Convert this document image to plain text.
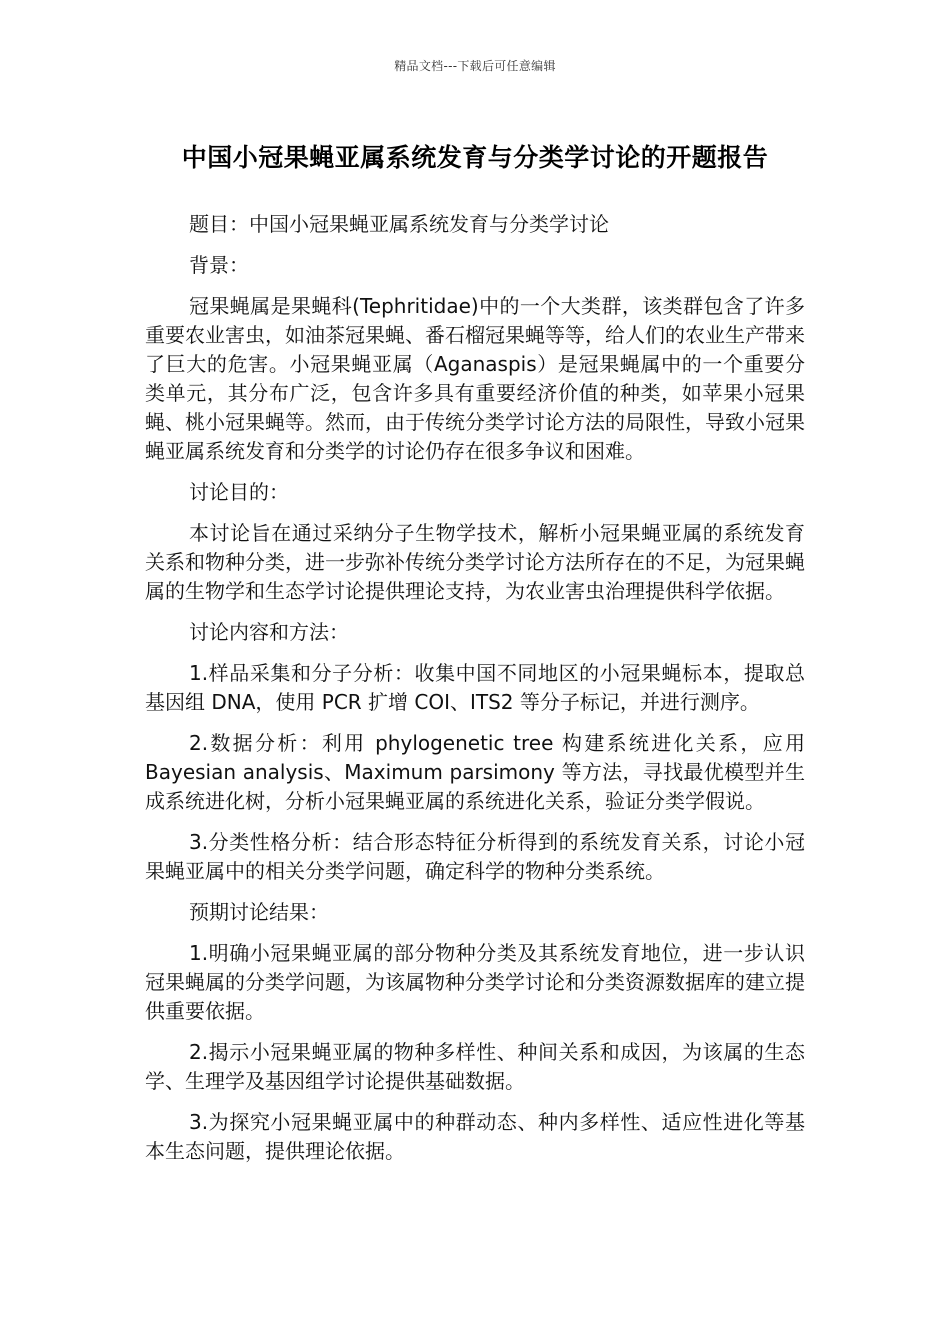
精品文档---下载后可任意编辑
中国小冠果蝇亚属系统发育与分类学讨论的开题报告

题目：中国小冠果蝇亚属系统发育与分类学讨论

背景：

冠果蝇属是果蝇科(Tephritidae)中的一个大类群，该类群包含了许多重要农业害虫，如油茶冠果蝇、番石榴冠果蝇等等，给人们的农业生产带来了巨大的危害。小冠果蝇亚属（Aganaspis）是冠果蝇属中的一个重要分类单元，其分布广泛，包含许多具有重要经济价值的种类，如苹果小冠果蝇、桃小冠果蝇等。然而，由于传统分类学讨论方法的局限性，导致小冠果蝇亚属系统发育和分类学的讨论仍存在很多争议和困难。

讨论目的：

本讨论旨在通过采纳分子生物学技术，解析小冠果蝇亚属的系统发育关系和物种分类，进一步弥补传统分类学讨论方法所存在的不足，为冠果蝇属的生物学和生态学讨论提供理论支持，为农业害虫治理提供科学依据。

讨论内容和方法：

1.样品采集和分子分析：收集中国不同地区的小冠果蝇标本，提取总基因组 DNA，使用 PCR 扩增 COI、ITS2 等分子标记，并进行测序。

2.数据分析：利用 phylogenetic tree 构建系统进化关系，应用 Bayesian analysis、Maximum parsimony 等方法，寻找最优模型并生成系统进化树，分析小冠果蝇亚属的系统进化关系，验证分类学假说。

3.分类性格分析：结合形态特征分析得到的系统发育关系，讨论小冠果蝇亚属中的相关分类学问题，确定科学的物种分类系统。

预期讨论结果：

1.明确小冠果蝇亚属的部分物种分类及其系统发育地位，进一步认识冠果蝇属的分类学问题，为该属物种分类学讨论和分类资源数据库的建立提供重要依据。

2.揭示小冠果蝇亚属的物种多样性、种间关系和成因，为该属的生态学、生理学及基因组学讨论提供基础数据。

3.为探究小冠果蝇亚属中的种群动态、种内多样性、适应性进化等基本生态问题，提供理论依据。
